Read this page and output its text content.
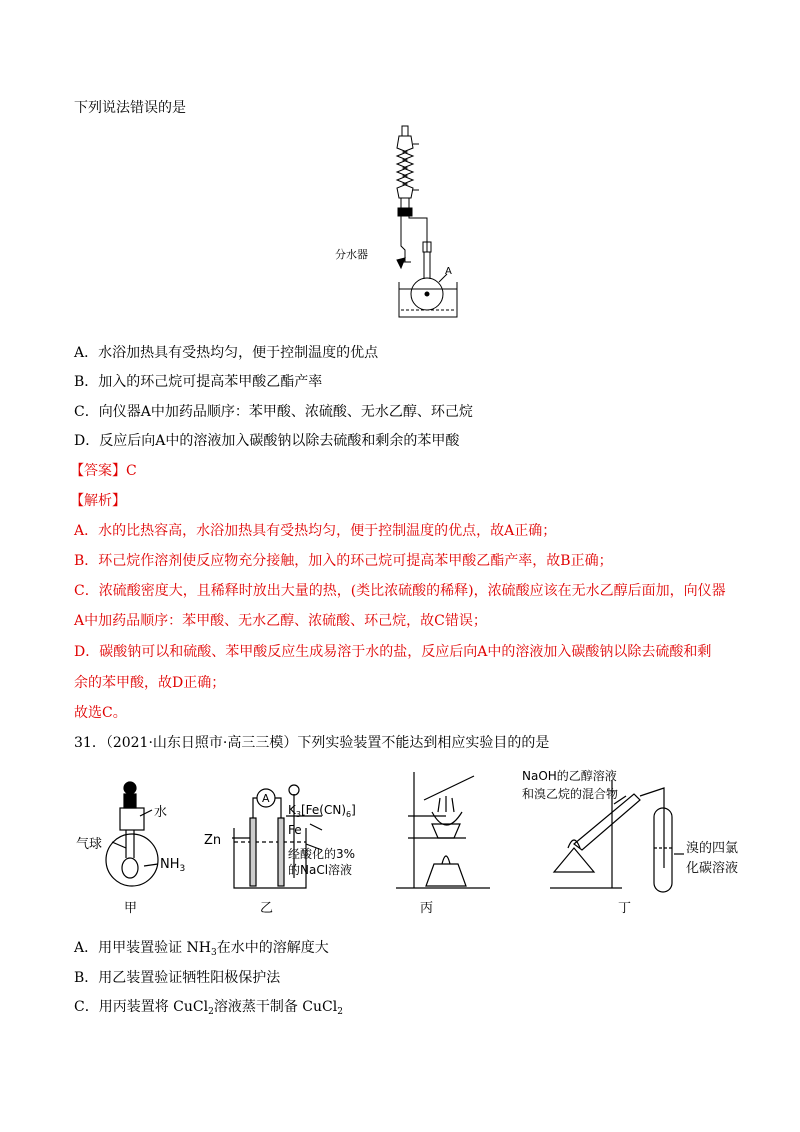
下列说法错误的是
分水器
A
A．水浴加热具有受热均匀，便于控制温度的优点
B．加入的环己烷可提高苯甲酸乙酯产率
C．向仪器A中加药品顺序：苯甲酸、浓硫酸、无水乙醇、环己烷
D．反应后向A中的溶液加入碳酸钠以除去硫酸和剩余的苯甲酸
【答案】C
【解析】
A．水的比热容高，水浴加热具有受热均匀，便于控制温度的优点，故A正确；
B．环己烷作溶剂使反应物充分接触，加入的环己烷可提高苯甲酸乙酯产率，故B正确；
C．浓硫酸密度大，且稀释时放出大量的热，(类比浓硫酸的稀释)，浓硫酸应该在无水乙醇后面加，向仪器
A中加药品顺序：苯甲酸、无水乙醇、浓硫酸、环己烷，故C错误；
D．碳酸钠可以和硫酸、苯甲酸反应生成易溶于水的盐，反应后向A中的溶液加入碳酸钠以除去硫酸和剩
余的苯甲酸，故D正确；
故选C。
31．（2021·山东日照市·高三三模）下列实验装置不能达到相应实验目的的是
水
气球
$NH_3$
A
Zn
$K_3[Fe(CN)_6]$
Fe
经酸化的3%
的NaCl溶液
NaOH的乙醇溶液
和溴乙烷的混合物
溴的四氯
化碳溶液
甲	乙	丙	丁
A．用甲装置验证 $NH_3$在水中的溶解度大
B．用乙装置验证牺牲阳极保护法
C．用丙装置将 CuCl$_2$溶液蒸干制备 CuCl$_2$
